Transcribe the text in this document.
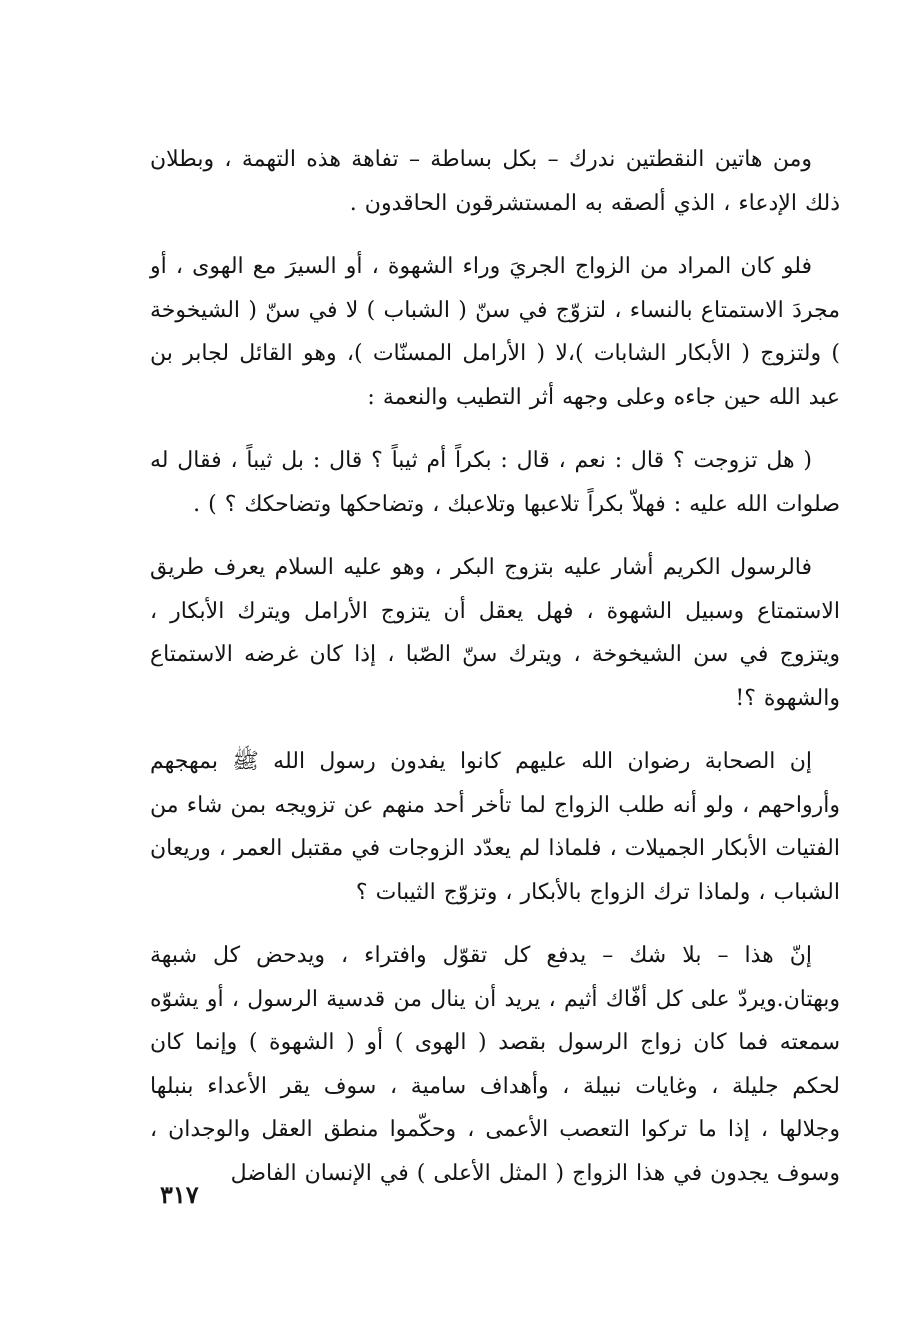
ومن هاتين النقطتين ندرك – بكل بساطة – تفاهة هذه التهمة ، وبطلان ذلك الإدعاء ، الذي ألصقه به المستشرقون الحاقدون .

فلو كان المراد من الزواج الجريَ وراء الشهوة ، أو السيرَ مع الهوى ، أو مجردَ الاستمتاع بالنساء ، لتزوّج في سنّ ( الشباب ) لا في سنّ ( الشيخوخة ) ولتزوج ( الأبكار الشابات )،لا ( الأرامل المسنّات )، وهو القائل لجابر بن عبد الله حين جاءه وعلى وجهه أثر التطيب والنعمة :

( هل تزوجت ؟ قال : نعم ، قال : بكراً أم ثيباً ؟ قال : بل ثيباً ، فقال له صلوات الله عليه : فهلاّ بكراً تلاعبها وتلاعبك ، وتضاحكها وتضاحكك ؟ ) .

فالرسول الكريم أشار عليه بتزوج البكر ، وهو عليه السلام يعرف طريق الاستمتاع وسبيل الشهوة ، فهل يعقل أن يتزوج الأرامل ويترك الأبكار ، ويتزوج في سن الشيخوخة ، ويترك سنّ الصّبا ، إذا كان غرضه الاستمتاع والشهوة ؟!

إن الصحابة رضوان الله عليهم كانوا يفدون رسول الله ﷺ بمهجهم وأرواحهم ، ولو أنه طلب الزواج لما تأخر أحد منهم عن تزويجه بمن شاء من الفتيات الأبكار الجميلات ، فلماذا لم يعدّد الزوجات في مقتبل العمر ، وريعان الشباب ، ولماذا ترك الزواج بالأبكار ، وتزوّج الثيبات ؟

إنّ هذا – بلا شك – يدفع كل تقوّل وافتراء ، ويدحض كل شبهة وبهتان.ويردّ على كل أفّاك أثيم ، يريد أن ينال من قدسية الرسول ، أو يشوّه سمعته فما كان زواج الرسول بقصد ( الهوى ) أو ( الشهوة ) وإنما كان لحكم جليلة ، وغايات نبيلة ، وأهداف سامية ، سوف يقر الأعداء بنبلها وجلالها ، إذا ما تركوا التعصب الأعمى ، وحكّموا منطق العقل والوجدان ، وسوف يجدون في هذا الزواج ( المثل الأعلى ) في الإنسان الفاضل

٣١٧
